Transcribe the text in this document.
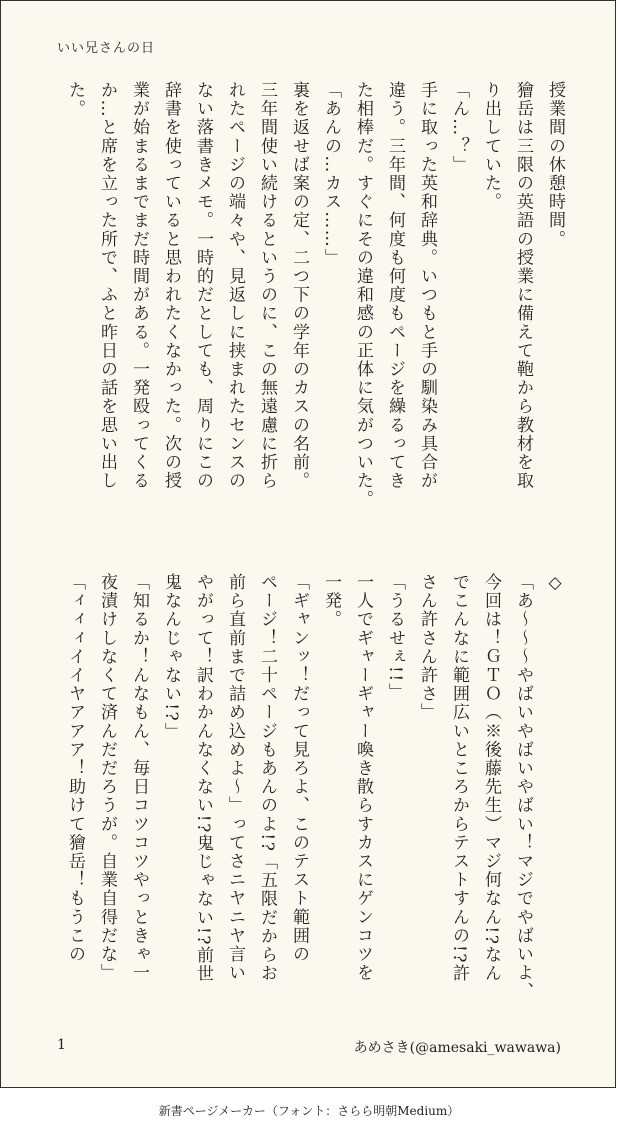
いい兄さんの日
授業間の休憩時間。
獪岳は三限の英語の授業に備えて鞄から教材を取
り出していた。
「ん…？」
手に取った英和辞典。いつもと手の馴染み具合が
違う。三年間、何度も何度もページを繰るってき
た相棒だ。すぐにその違和感の正体に気がついた。
「あんの…カス……」
裏を返せば案の定、二つ下の学年のカスの名前。
三年間使い続けるというのに、この無遠慮に折ら
れたページの端々や、見返しに挟まれたセンスの
ない落書きメモ。一時的だとしても、周りにこの
辞書を使っていると思われたくなかった。次の授
業が始まるまでまだ時間がある。一発殴ってくる
か…と席を立った所で、ふと昨日の話を思い出し
た。
◇
「あ〜〜〜やばいやばいやばい！マジでやばいよ、
今回は！ＧＴＯ（※後藤先生）マジ何なん!?なん
でこんなに範囲広いところからテストすんの!?許
さん許さん許さ」
「うるせぇ!!」
一人でギャーギャー喚き散らすカスにゲンコツを
一発。
「ギャンッ！だって見ろよ、このテスト範囲の
ページ！二十ページもあんのよ!?「五限だからお
前ら直前まで詰め込めよ〜」ってさニヤニヤ言い
やがって！訳わかんなくない!?鬼じゃない!?前世
鬼なんじゃない!?」
「知るか！んなもん、毎日コツコツやっときゃ一
夜漬けしなくて済んだだろうが。自業自得だな」
「ィィィイイヤアアア！助けて獪岳！もうこの
1	あめさき(@amesaki_wawawa)
新書ページメーカー（フォント：さらら明朝Medium）
